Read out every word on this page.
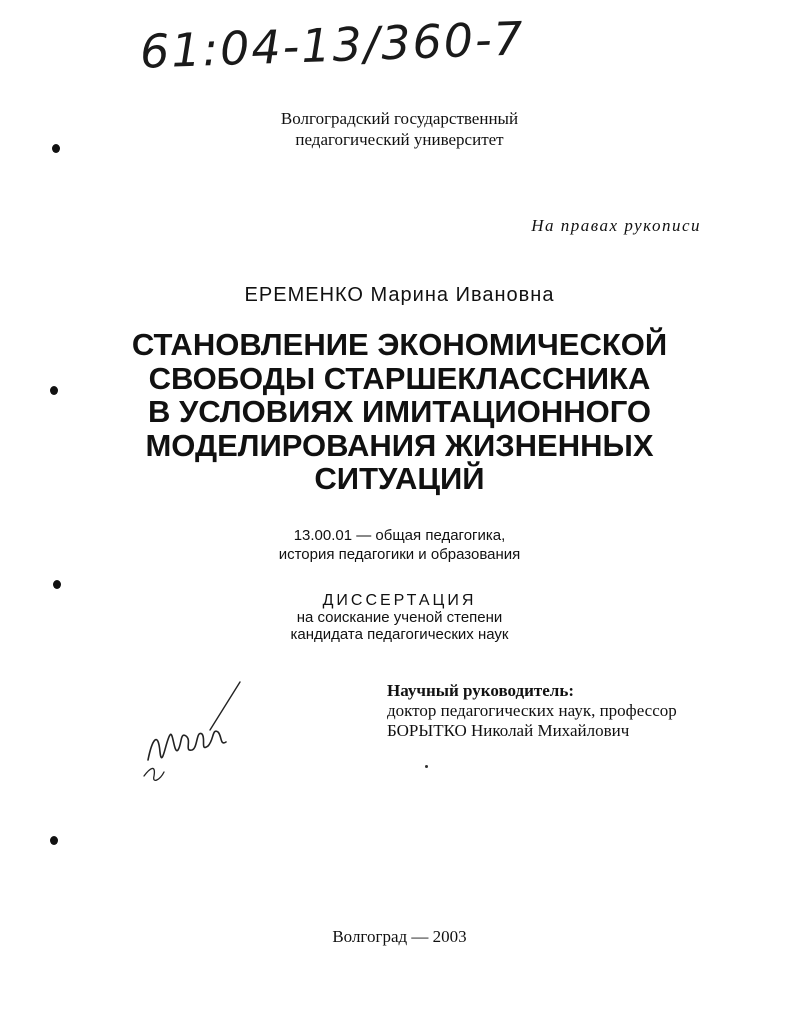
61:04-13/360-7
Волгоградский государственный
педагогический университет
На правах рукописи
ЕРЕМЕНКО Марина Ивановна
СТАНОВЛЕНИЕ ЭКОНОМИЧЕСКОЙ
СВОБОДЫ СТАРШЕКЛАССНИКА
В УСЛОВИЯХ ИМИТАЦИОННОГО
МОДЕЛИРОВАНИЯ ЖИЗНЕННЫХ
СИТУАЦИЙ
13.00.01 — общая педагогика,
история педагогики и образования
ДИССЕРТАЦИЯ
на соискание ученой степени
кандидата педагогических наук
Научный руководитель:
доктор педагогических наук, профессор
БОРЫТКО Николай Михайлович
Волгоград — 2003
